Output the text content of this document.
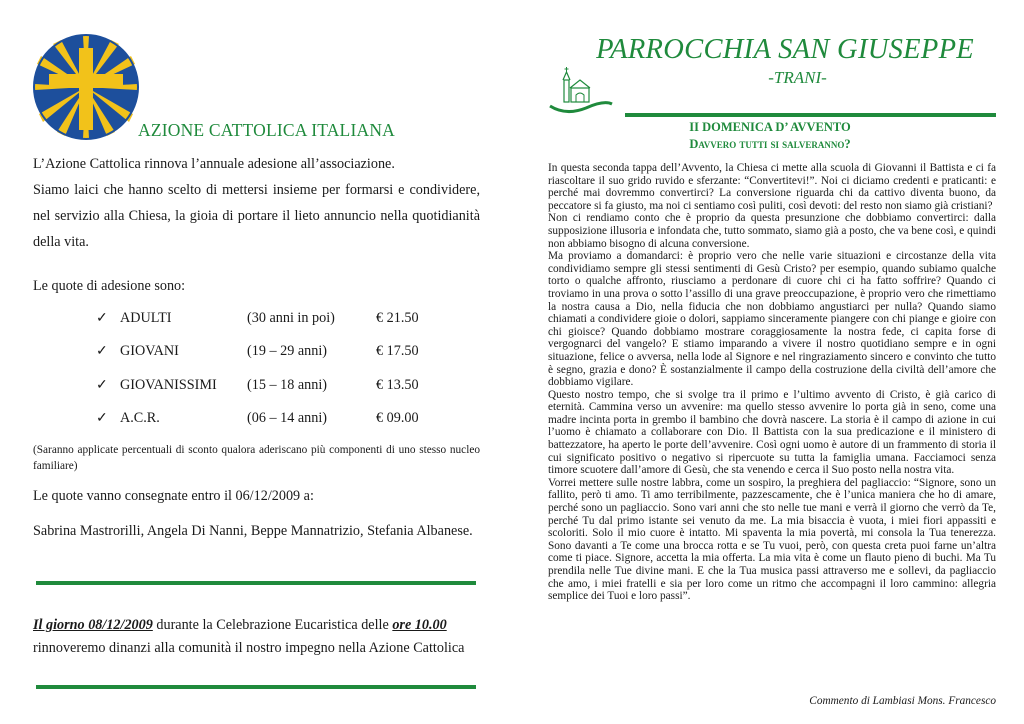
AZIONE CATTOLICA ITALIANA
L’Azione Cattolica rinnova l’annuale adesione all’associazione.
Siamo laici che hanno scelto di mettersi insieme per formarsi e condividere, nel servizio alla Chiesa, la gioia di portare il lieto annuncio nella quotidianità della vita.
Le quote di adesione sono:
✓ ADULTI	(30 anni in poi)	€ 21.50
✓ GIOVANI	(19 – 29 anni)	€ 17.50
✓ GIOVANISSIMI (15 – 18 anni)	€ 13.50
✓ A.C.R.	(06 – 14 anni)	€ 09.00
(Saranno applicate percentuali di sconto qualora aderiscano più componenti di uno stesso nucleo familiare)
Le quote vanno consegnate entro il 06/12/2009 a:
Sabrina Mastrorilli, Angela Di Nanni, Beppe Mannatrizio, Stefania Albanese.
Il giorno 08/12/2009 durante la Celebrazione Eucaristica delle ore 10.00
rinnoveremo dinanzi alla comunità il nostro impegno nella Azione Cattolica
PARROCCHIA SAN GIUSEPPE
-TRANI-
II DOMENICA D’ AVVENTO
Davvero tutti si salveranno?

In questa seconda tappa dell’Avvento, la Chiesa ci mette alla scuola di Giovanni il Battista e ci fa riascoltare il suo grido ruvido e sferzante: “Convertitevi!”. Noi ci diciamo credenti e praticanti: e perché mai dovremmo convertirci? La conversione riguarda chi da cattivo diventa buono, da peccatore si fa giusto, ma noi ci sentiamo così puliti, così devoti: del resto non siamo già cristiani?

Non ci rendiamo conto che è proprio da questa presunzione che dobbiamo convertirci: dalla supposizione illusoria e infondata che, tutto sommato, siamo già a posto, che va bene così, e quindi non abbiamo bisogno di alcuna conversione.

Ma proviamo a domandarci: è proprio vero che nelle varie situazioni e circostanze della vita condividiamo sempre gli stessi sentimenti di Gesù Cristo? per esempio, quando subiamo qualche torto o qualche affronto, riusciamo a perdonare di cuore chi ci ha fatto soffrire? Quando ci troviamo in una prova o sotto l’assillo di una grave preoccupazione, è proprio vero che rimettiamo la nostra causa a Dio, nella fiducia che non dobbiamo angustiarci per nulla? Quando siamo chiamati a condividere gioie o dolori, sappiamo sinceramente piangere con chi piange e gioire con chi gioisce? Quando dobbiamo mostrare coraggiosamente la nostra fede, ci capita forse di vergognarci del vangelo? E stiamo imparando a vivere il nostro quotidiano sempre e in ogni situazione, felice o avversa, nella lode al Signore e nel ringraziamento sincero e convinto che tutto è segno, grazia e dono? È sostanzialmente il campo della costruzione della civiltà dell’amore che dobbiamo vigilare.

Questo nostro tempo, che si svolge tra il primo e l’ultimo avvento di Cristo, è già carico di eternità. Cammina verso un avvenire: ma quello stesso avvenire lo porta già in seno, come una madre incinta porta in grembo il bambino che dovrà nascere. La storia è il campo di azione in cui l’uomo è chiamato a collaborare con Dio. Il Battista con la sua predicazione e il ministero di battezzatore, ha aperto le porte dell’avvenire. Così ogni uomo è autore di un frammento di storia il cui significato positivo o negativo si ripercuote su tutta la famiglia umana. Facciamoci senza timore scuotere dall’amore di Gesù, che sta venendo e cerca il Suo posto nella nostra vita.

Vorrei mettere sulle nostre labbra, come un sospiro, la preghiera del pagliaccio: “Signore, sono un fallito, però ti amo. Ti amo terribilmente, pazzescamente, che è l’unica maniera che ho di amare, perché sono un pagliaccio. Sono vari anni che sto nelle tue mani e verrà il giorno che verrò da Te, perché Tu dal primo istante sei venuto da me. La mia bisaccia è vuota, i miei fiori appassiti e scoloriti. Solo il mio cuore è intatto. Mi spaventa la mia povertà, mi consola la Tua tenerezza. Sono davanti a Te come una brocca rotta e se Tu vuoi, però, con questa creta puoi farne un’altra come ti piace. Signore, accetta la mia offerta. La mia vita è come un flauto pieno di buchi. Ma Tu prendila nelle Tue divine mani. E che la Tua musica passi attraverso me e sollevi, da pagliaccio che amo, i miei fratelli e sia per loro come un ritmo che accompagni il loro cammino: allegria semplice dei Tuoi e loro passi”.

Commento di Lambiasi Mons. Francesco
